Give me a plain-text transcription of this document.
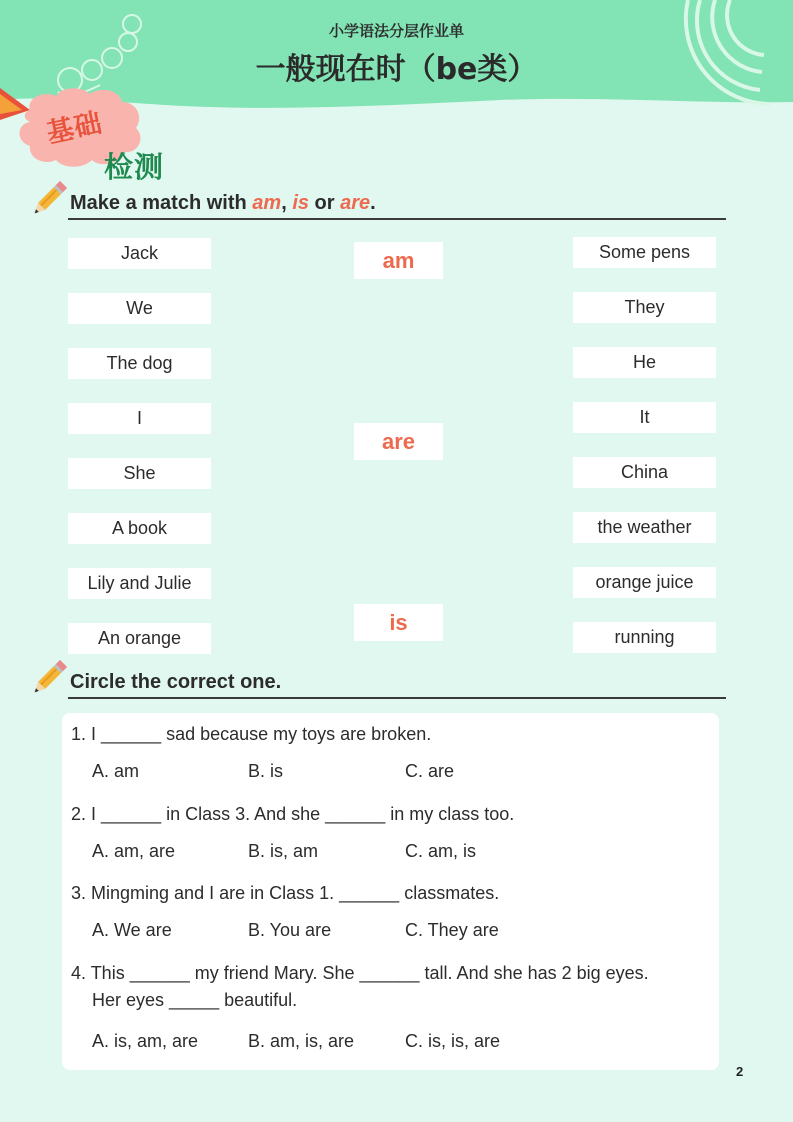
小学语法分层作业单
一般现在时（be类）
基础
检测
Make a match with am, is or are.
Jack
We
The dog
I
She
A book
Lily and Julie
An orange
am
are
is
Some pens
They
He
It
China
the weather
orange juice
running
Circle the correct one.
1. I ______ sad because my toys are broken.
A. am	B. is	C. are
2. I ______ in Class 3. And she ______ in my class too.
A. am, are	B. is, am	C. am, is
3. Mingming and I are in Class 1. ______ classmates.
A. We are	B. You are	C. They are
4. This ______ my friend Mary. She ______ tall. And she has 2 big eyes.
Her eyes _____ beautiful.
A. is, am, are	B. am, is, are	C. is, is, are
2
